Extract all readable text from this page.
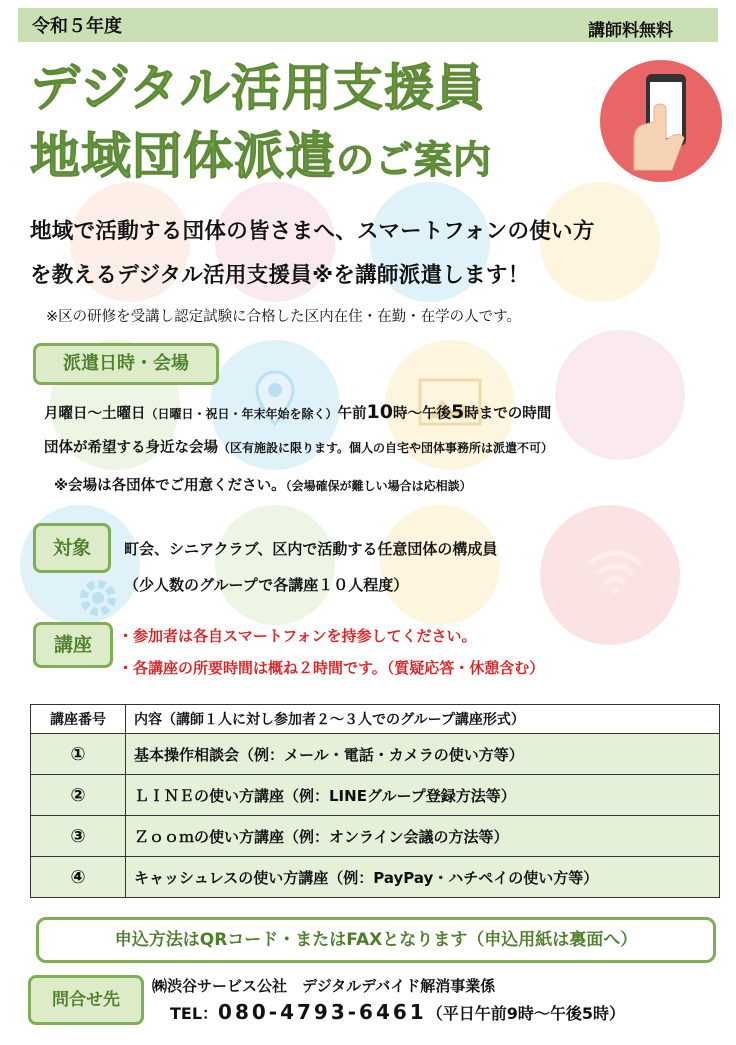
令和５年度	講師料無料
デジタル活用支援員
地域団体派遣のご案内
地域で活動する団体の皆さまへ、スマートフォンの使い方
を教えるデジタル活用支援員※を講師派遣します！
※区の研修を受講し認定試験に合格した区内在住・在勤・在学の人です。
派遣日時・会場
月曜日～土曜日（日曜日・祝日・年末年始を除く）午前10時～午後5時までの時間
団体が希望する身近な会場（区有施設に限ります。個人の自宅や団体事務所は派遣不可）
※会場は各団体でご用意ください。（会場確保が難しい場合は応相談）
対象	町会、シニアクラブ、区内で活動する任意団体の構成員
（少人数のグループで各講座１０人程度）
講座	・参加者は各自スマートフォンを持参してください。
・各講座の所要時間は概ね２時間です。（質疑応答・休憩含む）
講座番号	内容（講師１人に対し参加者２～３人でのグループ講座形式）
①	基本操作相談会（例：メール・電話・カメラの使い方等）
②	ＬＩＮＥの使い方講座（例：LINEグループ登録方法等）
③	Ｚｏｏｍの使い方講座（例：オンライン会議の方法等）
④	キャッシュレスの使い方講座（例：PayPay・ハチペイの使い方等）
申込方法はQRコード・またはFAXとなります（申込用紙は裏面へ）
問合せ先
㈱渋谷サービス公社　デジタルデバイド解消事業係
TEL：080-4793-6461（平日午前9時～午後5時）
